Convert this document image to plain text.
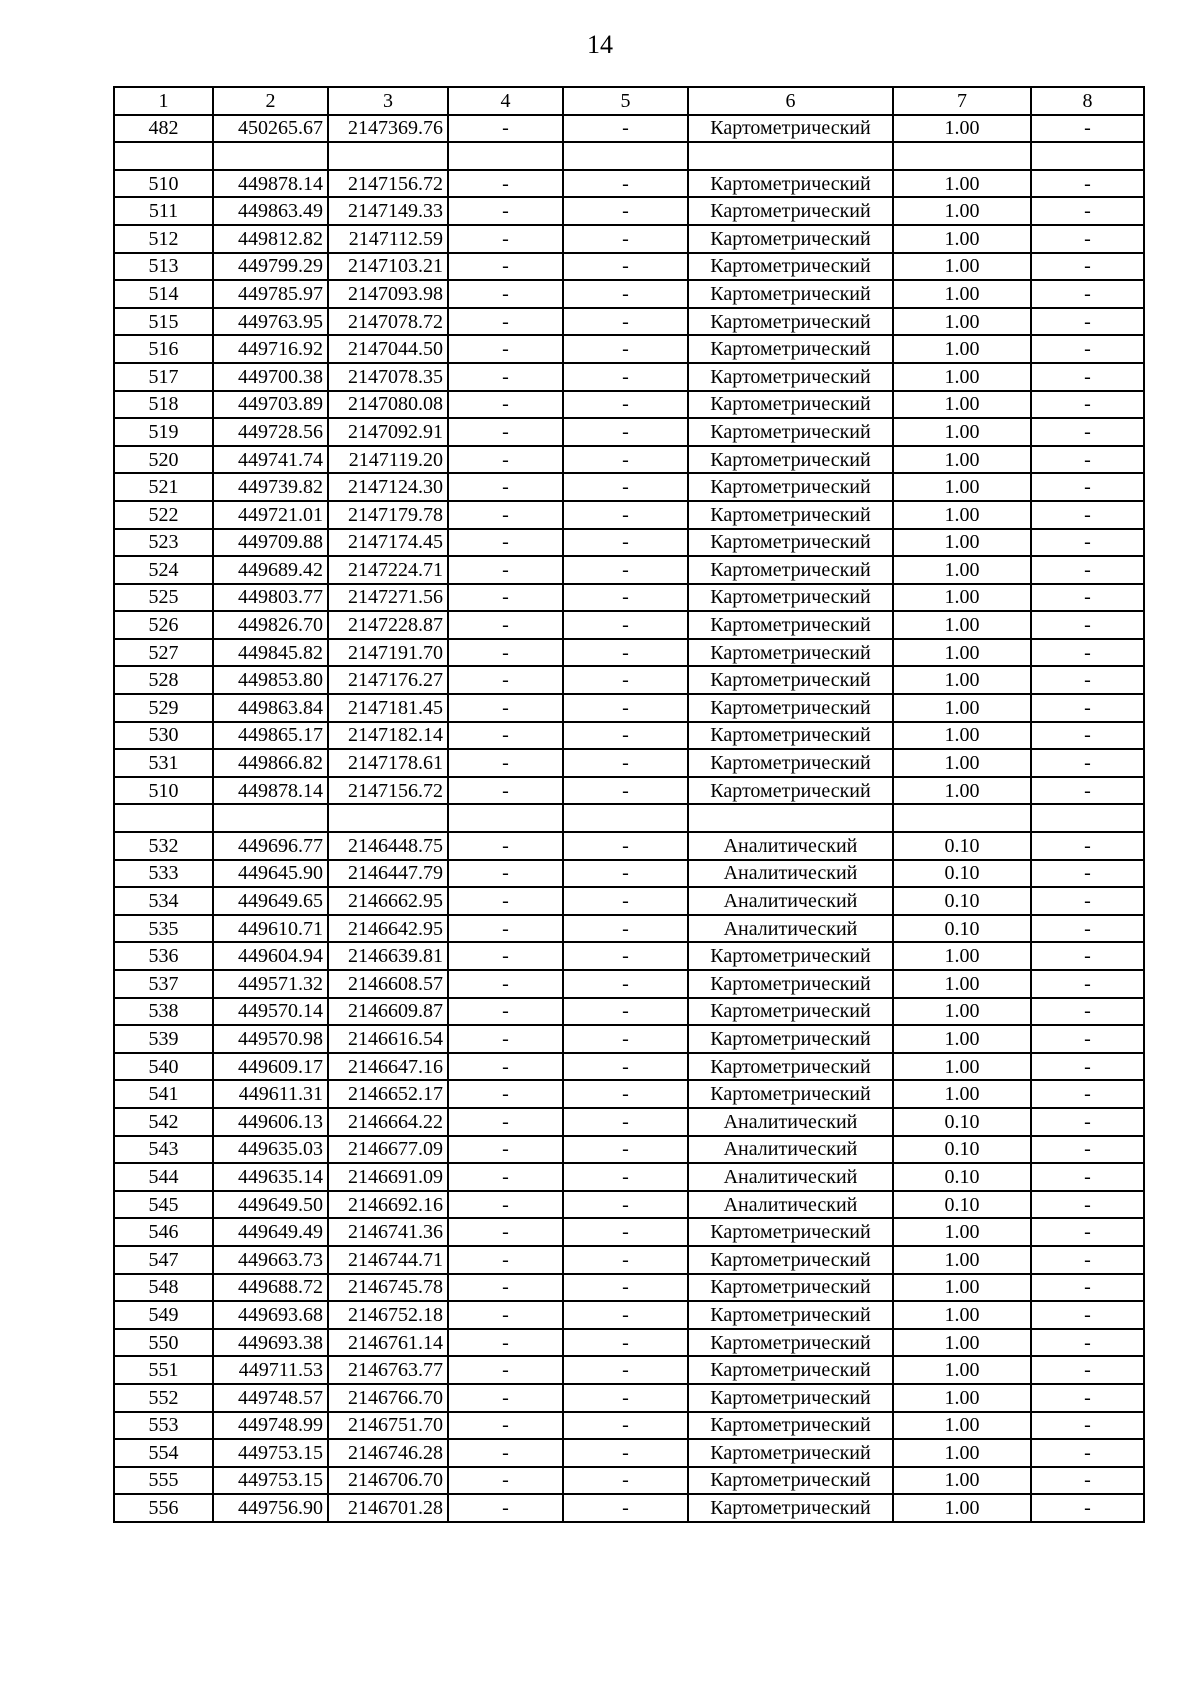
14
1	2	3	4	5	6	7	8
482	450265.67	2147369.76	-	-	Картометрический	1.00	-

510	449878.14	2147156.72	-	-	Картометрический	1.00	-
511	449863.49	2147149.33	-	-	Картометрический	1.00	-
512	449812.82	2147112.59	-	-	Картометрический	1.00	-
513	449799.29	2147103.21	-	-	Картометрический	1.00	-
514	449785.97	2147093.98	-	-	Картометрический	1.00	-
515	449763.95	2147078.72	-	-	Картометрический	1.00	-
516	449716.92	2147044.50	-	-	Картометрический	1.00	-
517	449700.38	2147078.35	-	-	Картометрический	1.00	-
518	449703.89	2147080.08	-	-	Картометрический	1.00	-
519	449728.56	2147092.91	-	-	Картометрический	1.00	-
520	449741.74	2147119.20	-	-	Картометрический	1.00	-
521	449739.82	2147124.30	-	-	Картометрический	1.00	-
522	449721.01	2147179.78	-	-	Картометрический	1.00	-
523	449709.88	2147174.45	-	-	Картометрический	1.00	-
524	449689.42	2147224.71	-	-	Картометрический	1.00	-
525	449803.77	2147271.56	-	-	Картометрический	1.00	-
526	449826.70	2147228.87	-	-	Картометрический	1.00	-
527	449845.82	2147191.70	-	-	Картометрический	1.00	-
528	449853.80	2147176.27	-	-	Картометрический	1.00	-
529	449863.84	2147181.45	-	-	Картометрический	1.00	-
530	449865.17	2147182.14	-	-	Картометрический	1.00	-
531	449866.82	2147178.61	-	-	Картометрический	1.00	-
510	449878.14	2147156.72	-	-	Картометрический	1.00	-

532	449696.77	2146448.75	-	-	Аналитический	0.10	-
533	449645.90	2146447.79	-	-	Аналитический	0.10	-
534	449649.65	2146662.95	-	-	Аналитический	0.10	-
535	449610.71	2146642.95	-	-	Аналитический	0.10	-
536	449604.94	2146639.81	-	-	Картометрический	1.00	-
537	449571.32	2146608.57	-	-	Картометрический	1.00	-
538	449570.14	2146609.87	-	-	Картометрический	1.00	-
539	449570.98	2146616.54	-	-	Картометрический	1.00	-
540	449609.17	2146647.16	-	-	Картометрический	1.00	-
541	449611.31	2146652.17	-	-	Картометрический	1.00	-
542	449606.13	2146664.22	-	-	Аналитический	0.10	-
543	449635.03	2146677.09	-	-	Аналитический	0.10	-
544	449635.14	2146691.09	-	-	Аналитический	0.10	-
545	449649.50	2146692.16	-	-	Аналитический	0.10	-
546	449649.49	2146741.36	-	-	Картометрический	1.00	-
547	449663.73	2146744.71	-	-	Картометрический	1.00	-
548	449688.72	2146745.78	-	-	Картометрический	1.00	-
549	449693.68	2146752.18	-	-	Картометрический	1.00	-
550	449693.38	2146761.14	-	-	Картометрический	1.00	-
551	449711.53	2146763.77	-	-	Картометрический	1.00	-
552	449748.57	2146766.70	-	-	Картометрический	1.00	-
553	449748.99	2146751.70	-	-	Картометрический	1.00	-
554	449753.15	2146746.28	-	-	Картометрический	1.00	-
555	449753.15	2146706.70	-	-	Картометрический	1.00	-
556	449756.90	2146701.28	-	-	Картометрический	1.00	-
